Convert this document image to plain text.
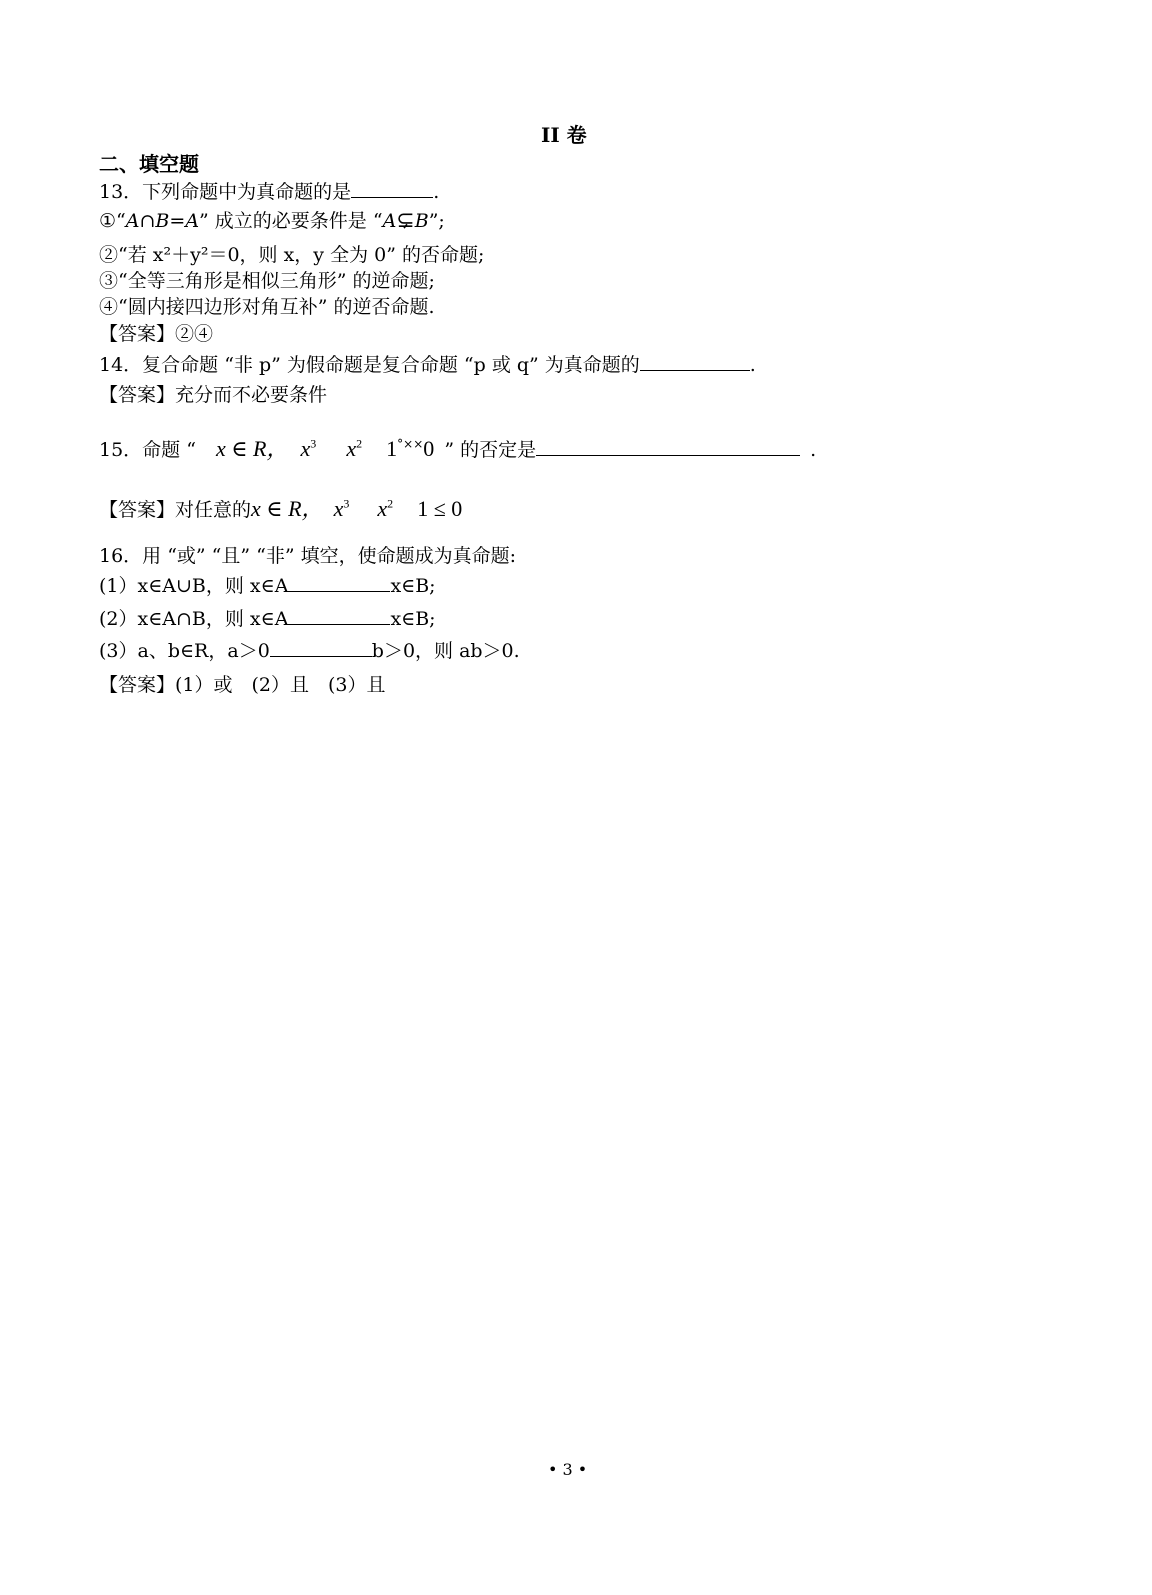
II 卷
二、填空题
13．下列命题中为真命题的是	.
①“A∩B=A” 成立的必要条件是 “A⊊B”;
②“若 x²＋y²＝0，则 x，y 全为 0” 的否命题;
③“全等三角形是相似三角形” 的逆命题;
④“圆内接四边形对角互补” 的逆否命题.
【答案】②④
14．复合命题 “非 p” 为假命题是复合命题 “p 或 q” 为真命题的	.
【答案】充分而不必要条件
15．命题 “ x ∈ R， $x^3$ $x^2$ 1°××0 ” 的否定是	.
【答案】对任意的x ∈ R， $x^3$ $x^2$ 1 ≤ 0
16．用 “或” “且” “非” 填空，使命题成为真命题:
(1）x∈A∪B，则 x∈A	x∈B;
(2）x∈A∩B，则 x∈A	x∈B;
(3）a、b∈R，a＞0	b＞0，则 ab＞0.
【答案】(1）或　(2）且　(3）且
• 3 •
